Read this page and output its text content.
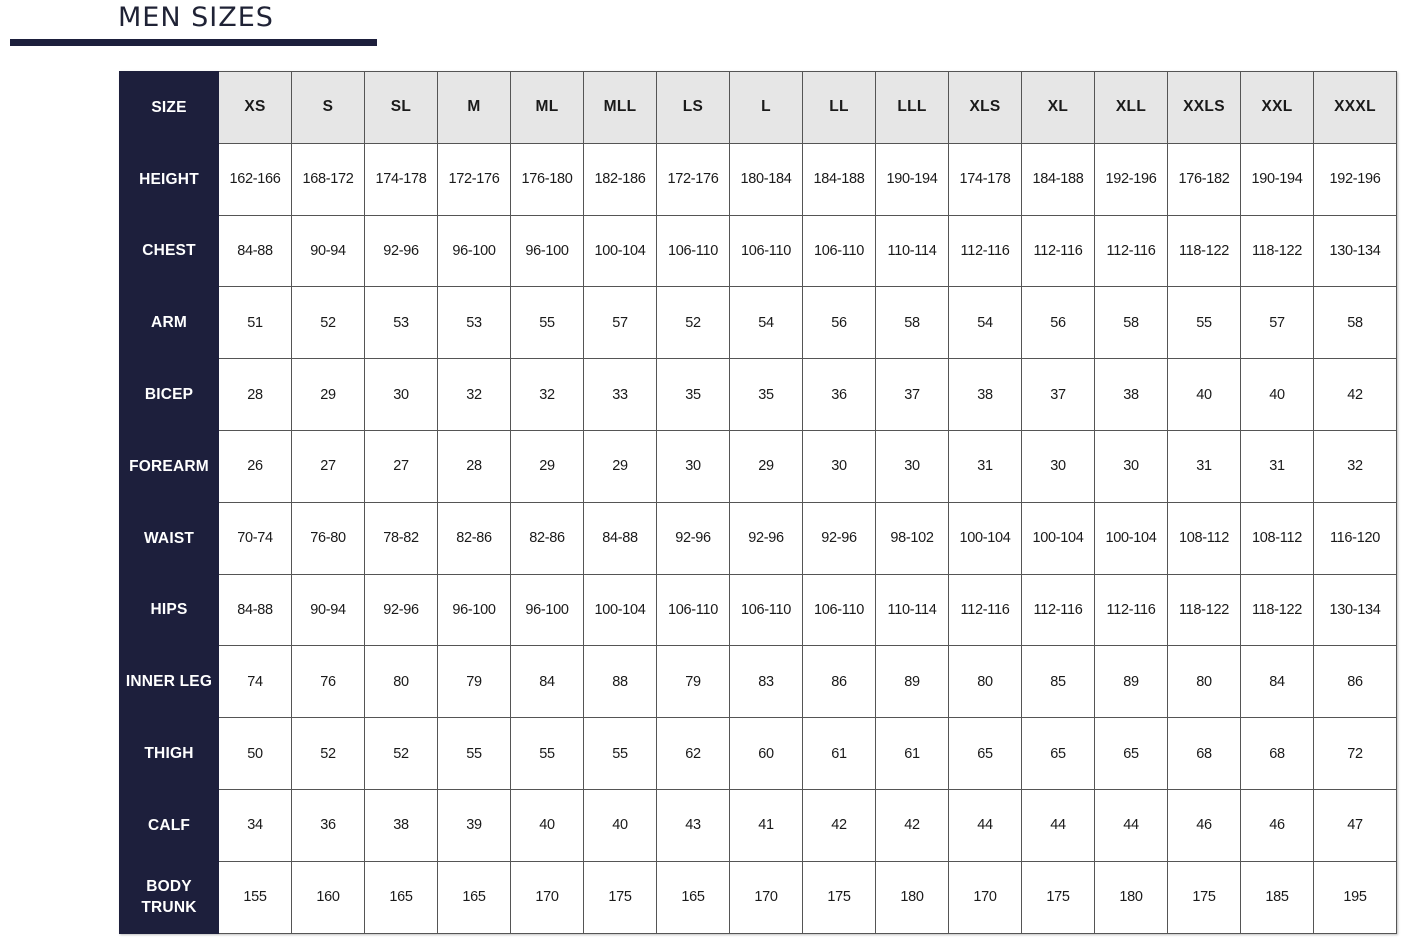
MEN SIZES
SIZE	XS	S	SL	M	ML	MLL	LS	L	LL	LLL	XLS	XL	XLL	XXLS	XXL	XXXL
HEIGHT	162-166	168-172	174-178	172-176	176-180	182-186	172-176	180-184	184-188	190-194	174-178	184-188	192-196	176-182	190-194	192-196
CHEST	84-88	90-94	92-96	96-100	96-100	100-104	106-110	106-110	106-110	110-114	112-116	112-116	112-116	118-122	118-122	130-134
ARM	51	52	53	53	55	57	52	54	56	58	54	56	58	55	57	58
BICEP	28	29	30	32	32	33	35	35	36	37	38	37	38	40	40	42
FOREARM	26	27	27	28	29	29	30	29	30	30	31	30	30	31	31	32
WAIST	70-74	76-80	78-82	82-86	82-86	84-88	92-96	92-96	92-96	98-102	100-104	100-104	100-104	108-112	108-112	116-120
HIPS	84-88	90-94	92-96	96-100	96-100	100-104	106-110	106-110	106-110	110-114	112-116	112-116	112-116	118-122	118-122	130-134
INNER LEG	74	76	80	79	84	88	79	83	86	89	80	85	89	80	84	86
THIGH	50	52	52	55	55	55	62	60	61	61	65	65	65	68	68	72
CALF	34	36	38	39	40	40	43	41	42	42	44	44	44	46	46	47
BODY TRUNK	155	160	165	165	170	175	165	170	175	180	170	175	180	175	185	195
